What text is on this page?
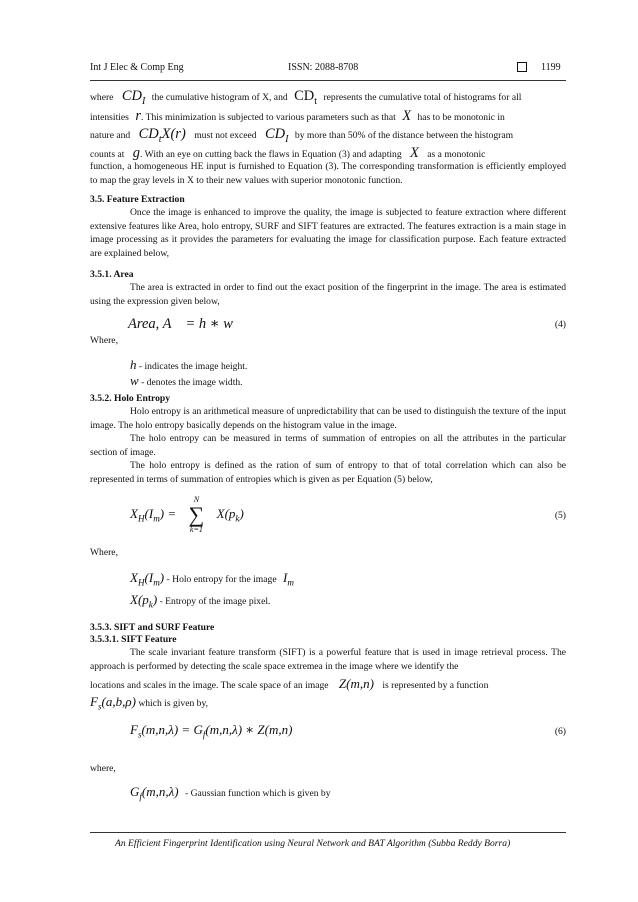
Int J Elec & Comp Eng	ISSN: 2088-8708	1199
where $CD_I$ the cumulative histogram of X, and $CD_t$ represents the cumulative total of histograms for all
intensities r. This minimization is subjected to various parameters such as that X has to be monotonic in
nature and $CD_tX(r)$ must not exceed $CD_I$ by more than 50% of the distance between the histogram
counts at g. With an eye on cutting back the flaws in Equation (3) and adapting X as a monotonic

function, a homogeneous HE input is furnished to Equation (3). The corresponding transformation is efficiently employed to map the gray levels in X to their new values with superior monotonic function.

3.5. Feature Extraction

Once the image is enhanced to improve the quality, the image is subjected to feature extraction where different extensive features like Area, holo entropy, SURF and SIFT features are extracted. The features extraction is a main stage in image processing as it provides the parameters for evaluating the image for classification purpose. Each feature extracted are explained below,

3.5.1. Area

The area is extracted in order to find out the exact position of the fingerprint in the image. The area is estimated using the expression given below,

Area, A = h ∗ w	(4)

Where,

h - indicates the image height.
w - denotes the image width.

3.5.2. Holo Entropy

Holo entropy is an arithmetical measure of unpredictability that can be used to distinguish the texture of the input image. The holo entropy basically depends on the histogram value in the image.

The holo entropy can be measured in terms of summation of entropies on all the attributes in the particular section of image.

The holo entropy is defined as the ration of sum of entropy to that of total correlation which can also be represented in terms of summation of entropies which is given as per Equation (5) below,

$X_H(I_m)$ =
N
∑
k=1
$X(p_k)$	(5)

Where,

$X_H(I_m)$ - Holo entropy for the image $I_m$
$X(p_k)$ - Entropy of the image pixel.

3.5.3. SIFT and SURF Feature

3.5.3.1. SIFT Feature

The scale invariant feature transform (SIFT) is a powerful feature that is used in image retrieval process. The approach is performed by detecting the scale space extremea in the image where we identify the

locations and scales in the image. The scale space of an image Z(m,n) is represented by a function
$F_s(a,b,\rho)$ which is given by,
$F_s(m,n,\lambda) = G_f(m,n,\lambda)$ ∗ Z(m,n)	(6)

where,

$G_f(m,n,\lambda)$ - Gaussian function which is given by
An Efficient Fingerprint Identification using Neural Network and BAT Algorithm (Subba Reddy Borra)
